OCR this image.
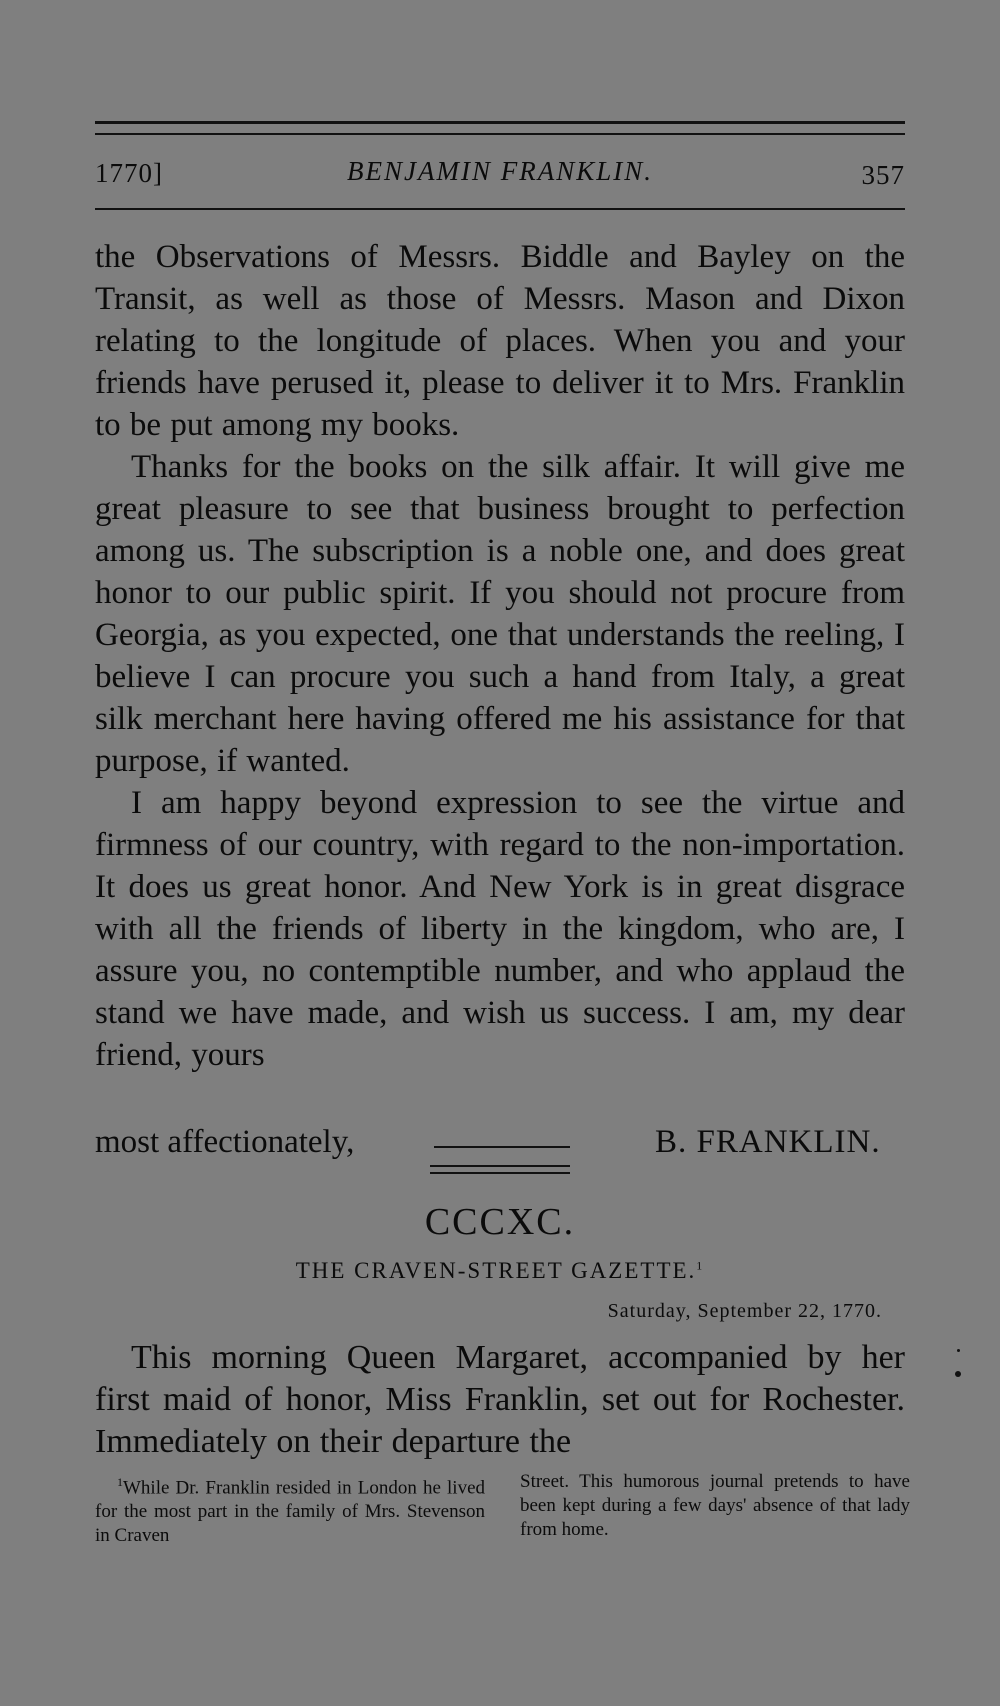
1770]	BENJAMIN FRANKLIN.	357

the Observations of Messrs. Biddle and Bayley on the Transit, as well as those of Messrs. Mason and Dixon relating to the longitude of places. When you and your friends have perused it, please to deliver it to Mrs. Franklin to be put among my books.

Thanks for the books on the silk affair. It will give me great pleasure to see that business brought to perfection among us. The subscription is a noble one, and does great honor to our public spirit. If you should not procure from Georgia, as you expected, one that understands the reeling, I believe I can procure you such a hand from Italy, a great silk merchant here having offered me his assistance for that purpose, if wanted.

I am happy beyond expression to see the virtue and firmness of our country, with regard to the non-importation. It does us great honor. And New York is in great disgrace with all the friends of liberty in the kingdom, who are, I assure you, no contemptible number, and who applaud the stand we have made, and wish us success. I am, my dear friend, yours

most affectionately,	B. FRANKLIN.
CCCXC.
THE CRAVEN-STREET GAZETTE.$^1$
Saturday, September 22, 1770.

This morning Queen Margaret, accompanied by her first maid of honor, Miss Franklin, set out for Rochester. Immediately on their departure the

$^1$While Dr. Franklin resided in London he lived for the most part in the family of Mrs. Stevenson in Craven
Street. This humorous journal pretends to have been kept during a few days' absence of that lady from home.
